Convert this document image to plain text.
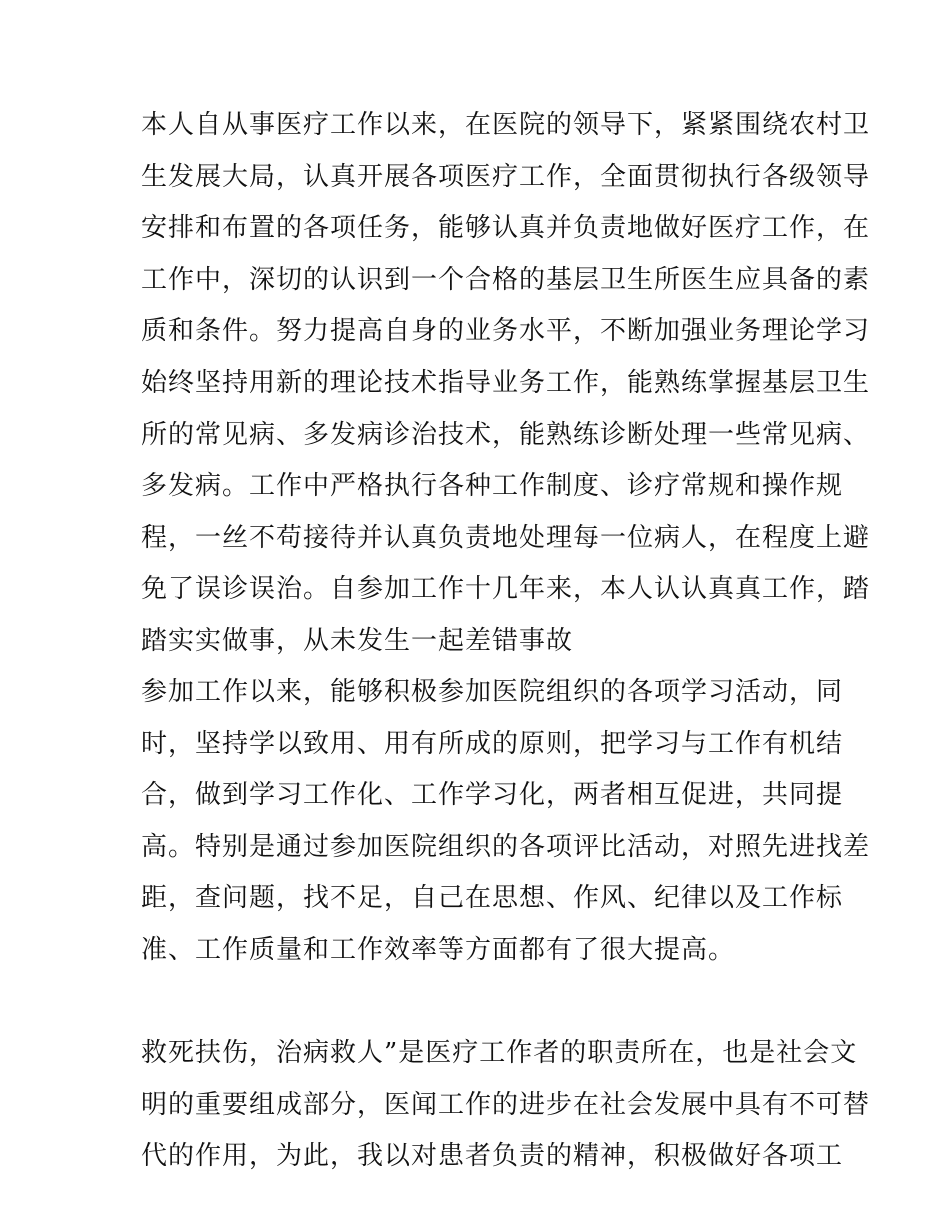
本人自从事医疗工作以来，在医院的领导下，紧紧围绕农村卫
生发展大局，认真开展各项医疗工作，全面贯彻执行各级领导
安排和布置的各项任务，能够认真并负责地做好医疗工作，在
工作中，深切的认识到一个合格的基层卫生所医生应具备的素
质和条件。努力提高自身的业务水平，不断加强业务理论学习
始终坚持用新的理论技术指导业务工作，能熟练掌握基层卫生
所的常见病、多发病诊治技术，能熟练诊断处理一些常见病、
多发病。工作中严格执行各种工作制度、诊疗常规和操作规
程，一丝不苟接待并认真负责地处理每一位病人，在程度上避
免了误诊误治。自参加工作十几年来，本人认认真真工作，踏
踏实实做事，从未发生一起差错事故
参加工作以来，能够积极参加医院组织的各项学习活动，同
时，坚持学以致用、用有所成的原则，把学习与工作有机结
合，做到学习工作化、工作学习化，两者相互促进，共同提
高。特别是通过参加医院组织的各项评比活动，对照先进找差
距，查问题，找不足，自己在思想、作风、纪律以及工作标
准、工作质量和工作效率等方面都有了很大提高。
救死扶伤，治病救人”是医疗工作者的职责所在，也是社会文
明的重要组成部分，医闻工作的进步在社会发展中具有不可替
代的作用，为此，我以对患者负责的精神，积极做好各项工
